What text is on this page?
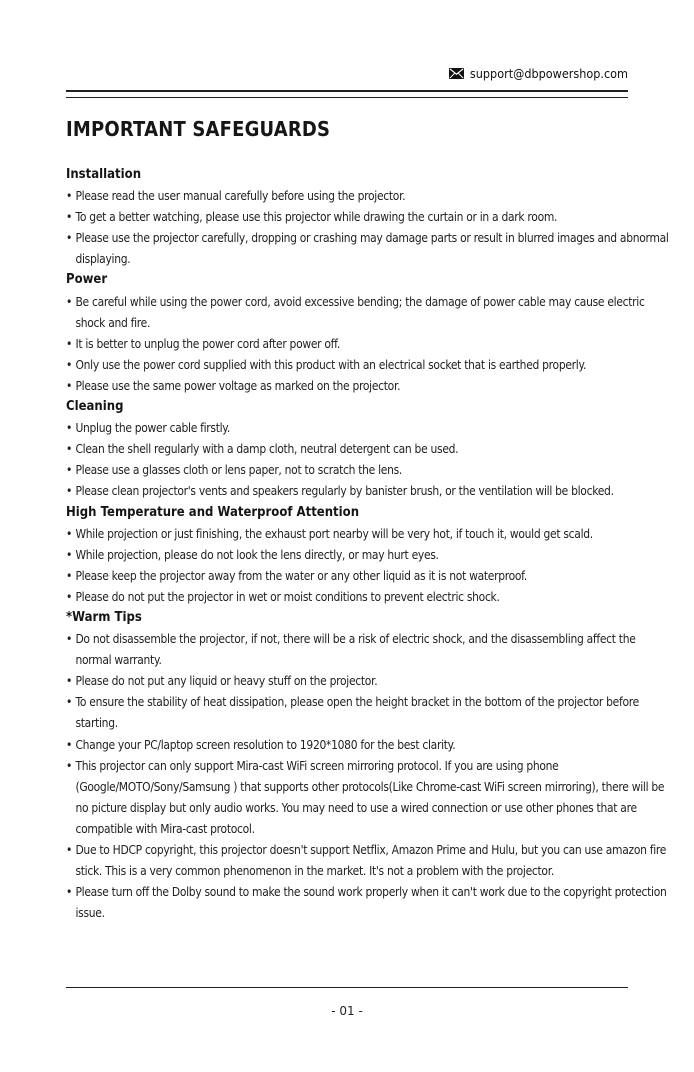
support@dbpowershop.com
IMPORTANT SAFEGUARDS
Installation
• Please read the user manual carefully before using the projector.
• To get a better watching, please use this projector while drawing the curtain or in a dark room.
• Please use the projector carefully, dropping or crashing may damage parts or result in blurred images and abnormal displaying.
Power
• Be careful while using the power cord, avoid excessive bending; the damage of power cable may cause electric shock and fire.
• It is better to unplug the power cord after power off.
• Only use the power cord supplied with this product with an electrical socket that is earthed properly.
• Please use the same power voltage as marked on the projector.
Cleaning
• Unplug the power cable firstly.
• Clean the shell regularly with a damp cloth, neutral detergent can be used.
• Please use a glasses cloth or lens paper, not to scratch the lens.
• Please clean projector's vents and speakers regularly by banister brush, or the ventilation will be blocked.
High Temperature and Waterproof Attention
• While projection or just finishing, the exhaust port nearby will be very hot, if touch it, would get scald.
• While projection, please do not look the lens directly, or may hurt eyes.
• Please keep the projector away from the water or any other liquid as it is not waterproof.
• Please do not put the projector in wet or moist conditions to prevent electric shock.
*Warm Tips
• Do not disassemble the projector, if not, there will be a risk of electric shock, and the disassembling affect the normal warranty.
• Please do not put any liquid or heavy stuff on the projector.
• To ensure the stability of heat dissipation, please open the height bracket in the bottom of the projector before starting.
• Change your PC/laptop screen resolution to 1920*1080 for the best clarity.
• This projector can only support Mira-cast WiFi screen mirroring protocol. If you are using phone (Google/MOTO/Sony/Samsung ) that supports other protocols(Like Chrome-cast WiFi screen mirroring), there will be no picture display but only audio works. You may need to use a wired connection or use other phones that are compatible with Mira-cast protocol.
• Due to HDCP copyright, this projector doesn't support Netflix, Amazon Prime and Hulu, but you can use amazon fire stick. This is a very common phenomenon in the market. It's not a problem with the projector.
• Please turn off the Dolby sound to make the sound work properly when it can't work due to the copyright protection issue.
- 01 -
